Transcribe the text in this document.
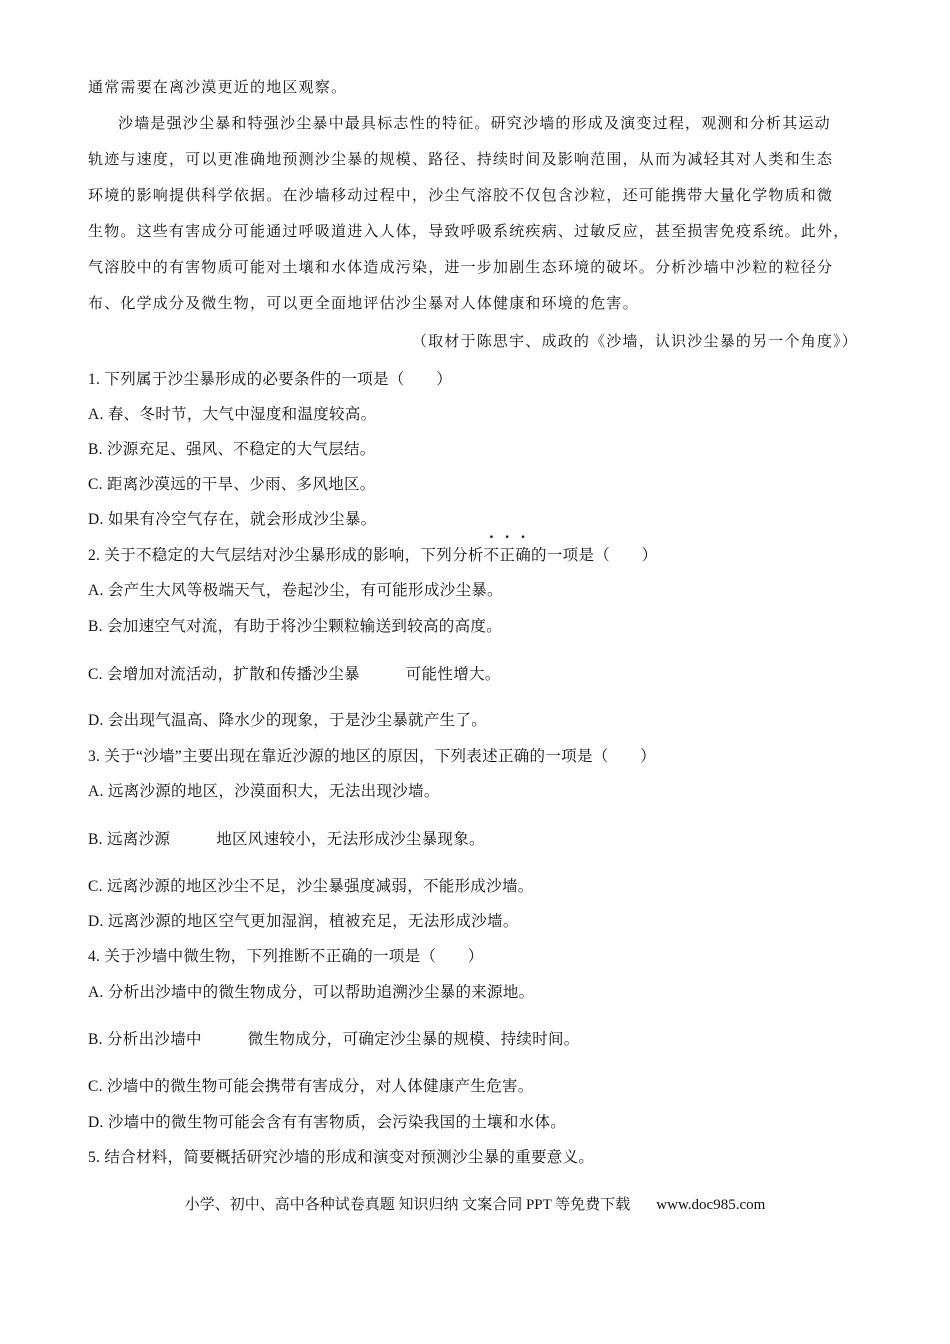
通常需要在离沙漠更近的地区观察。
沙墙是强沙尘暴和特强沙尘暴中最具标志性的特征。研究沙墙的形成及演变过程，观测和分析其运动
轨迹与速度，可以更准确地预测沙尘暴的规模、路径、持续时间及影响范围，从而为减轻其对人类和生态
环境的影响提供科学依据。在沙墙移动过程中，沙尘气溶胶不仅包含沙粒，还可能携带大量化学物质和微
生物。这些有害成分可能通过呼吸道进入人体，导致呼吸系统疾病、过敏反应，甚至损害免疫系统。此外，
气溶胶中的有害物质可能对土壤和水体造成污染，进一步加剧生态环境的破坏。分析沙墙中沙粒的粒径分
布、化学成分及微生物，可以更全面地评估沙尘暴对人体健康和环境的危害。
（取材于陈思宇、成政的《沙墙，认识沙尘暴的另一个角度》）
1. 下列属于沙尘暴形成的必要条件的一项是（　　）
A. 春、冬时节，大气中湿度和温度较高。
B. 沙源充足、强风、不稳定的大气层结。
C. 距离沙漠远的干旱、少雨、多风地区。
D. 如果有冷空气存在，就会形成沙尘暴。
2. 关于不稳定的大气层结对沙尘暴形成的影响，下列分析不正确的一项是（　　）
A. 会产生大风等极端天气，卷起沙尘，有可能形成沙尘暴。
B. 会加速空气对流，有助于将沙尘颗粒输送到较高的高度。
C. 会增加对流活动，扩散和传播沙尘暴	可能性增大。
D. 会出现气温高、降水少的现象，于是沙尘暴就产生了。
3. 关于“沙墙”主要出现在靠近沙源的地区的原因，下列表述正确的一项是（　　）
A. 远离沙源的地区，沙漠面积大，无法出现沙墙。
B. 远离沙源	地区风速较小，无法形成沙尘暴现象。
C. 远离沙源的地区沙尘不足，沙尘暴强度减弱，不能形成沙墙。
D. 远离沙源的地区空气更加湿润，植被充足，无法形成沙墙。
4. 关于沙墙中微生物，下列推断不正确的一项是（　　）
A. 分析出沙墙中的微生物成分，可以帮助追溯沙尘暴的来源地。
B. 分析出沙墙中	微生物成分，可确定沙尘暴的规模、持续时间。
C. 沙墙中的微生物可能会携带有害成分，对人体健康产生危害。
D. 沙墙中的微生物可能会含有有害物质，会污染我国的土壤和水体。
5. 结合材料，简要概括研究沙墙的形成和演变对预测沙尘暴的重要意义。
小学、初中、高中各种试卷真题 知识归纳 文案合同 PPT 等免费下载 www.doc985.com
